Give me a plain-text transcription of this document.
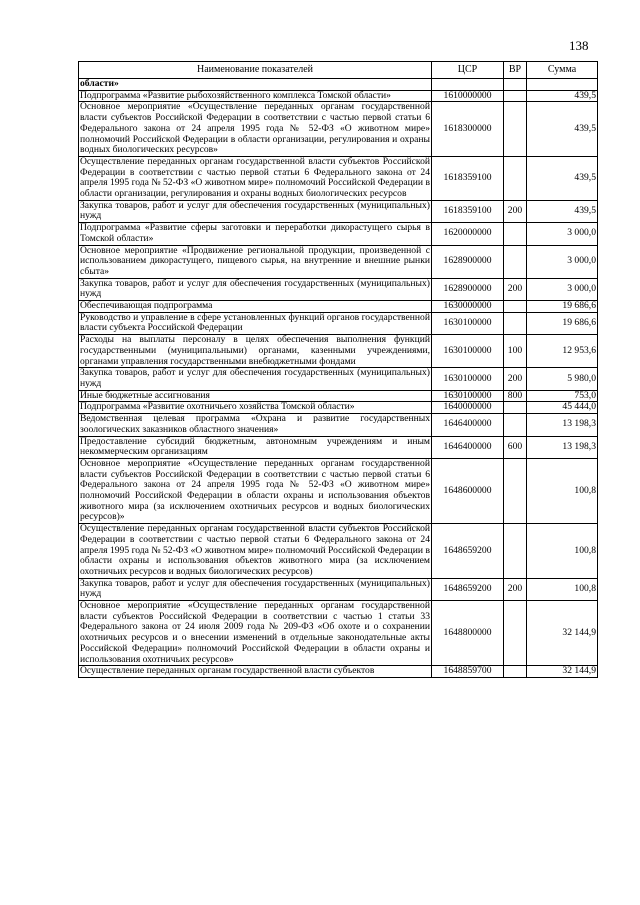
138
Наименование показателей	ЦСР	ВР	Сумма
области»			
Подпрограмма «Развитие рыбохозяйственного комплекса Томской области»	1610000000		439,5
Основное мероприятие «Осуществление переданных органам государственной власти субъектов Российской Федерации в соответствии с частью первой статьи 6 Федерального закона от 24 апреля 1995 года № 52-ФЗ «О животном мире» полномочий Российской Федерации в области организации, регулирования и охраны водных биологических ресурсов»	1618300000		439,5
Осуществление переданных органам государственной власти субъектов Российской Федерации в соответствии с частью первой статьи 6 Федерального закона от 24 апреля 1995 года № 52-ФЗ «О животном мире» полномочий Российской Федерации в области организации, регулирования и охраны водных биологических ресурсов	1618359100		439,5
Закупка товаров, работ и услуг для обеспечения государственных (муниципальных) нужд	1618359100	200	439,5
Подпрограмма «Развитие сферы заготовки и переработки дикорастущего сырья в Томской области»	1620000000		3 000,0
Основное мероприятие «Продвижение региональной продукции, произведенной с использованием дикорастущего, пищевого сырья, на внутренние и внешние рынки сбыта»	1628900000		3 000,0
Закупка товаров, работ и услуг для обеспечения государственных (муниципальных) нужд	1628900000	200	3 000,0
Обеспечивающая подпрограмма	1630000000		19 686,6
Руководство и управление в сфере установленных функций органов государственной власти субъекта Российской Федерации	1630100000		19 686,6
Расходы на выплаты персоналу в целях обеспечения выполнения функций государственными (муниципальными) органами, казенными учреждениями, органами управления государственными внебюджетными фондами	1630100000	100	12 953,6
Закупка товаров, работ и услуг для обеспечения государственных (муниципальных) нужд	1630100000	200	5 980,0
Иные бюджетные ассигнования	1630100000	800	753,0
Подпрограмма «Развитие охотничьего хозяйства Томской области»	1640000000		45 444,0
Ведомственная целевая программа «Охрана и развитие государственных зоологических заказников областного значения»	1646400000		13 198,3
Предоставление субсидий бюджетным, автономным учреждениям и иным некоммерческим организациям	1646400000	600	13 198,3
Основное мероприятие «Осуществление переданных органам государственной власти субъектов Российской Федерации в соответствии с частью первой статьи 6 Федерального закона от 24 апреля 1995 года № 52-ФЗ «О животном мире» полномочий Российской Федерации в области охраны и использования объектов животного мира (за исключением охотничьих ресурсов и водных биологических ресурсов)»	1648600000		100,8
Осуществление переданных органам государственной власти субъектов Российской Федерации в соответствии с частью первой статьи 6 Федерального закона от 24 апреля 1995 года № 52-ФЗ «О животном мире» полномочий Российской Федерации в области охраны и использования объектов животного мира (за исключением охотничьих ресурсов и водных биологических ресурсов)	1648659200		100,8
Закупка товаров, работ и услуг для обеспечения государственных (муниципальных) нужд	1648659200	200	100,8
Основное мероприятие «Осуществление переданных органам государственной власти субъектов Российской Федерации в соответствии с частью 1 статьи 33 Федерального закона от 24 июля 2009 года № 209-ФЗ «Об охоте и о сохранении охотничьих ресурсов и о внесении изменений в отдельные законодательные акты Российской Федерации» полномочий Российской Федерации в области охраны и использования охотничьих ресурсов»	1648800000		32 144,9
Осуществление переданных органам государственной власти субъектов	1648859700		32 144,9
